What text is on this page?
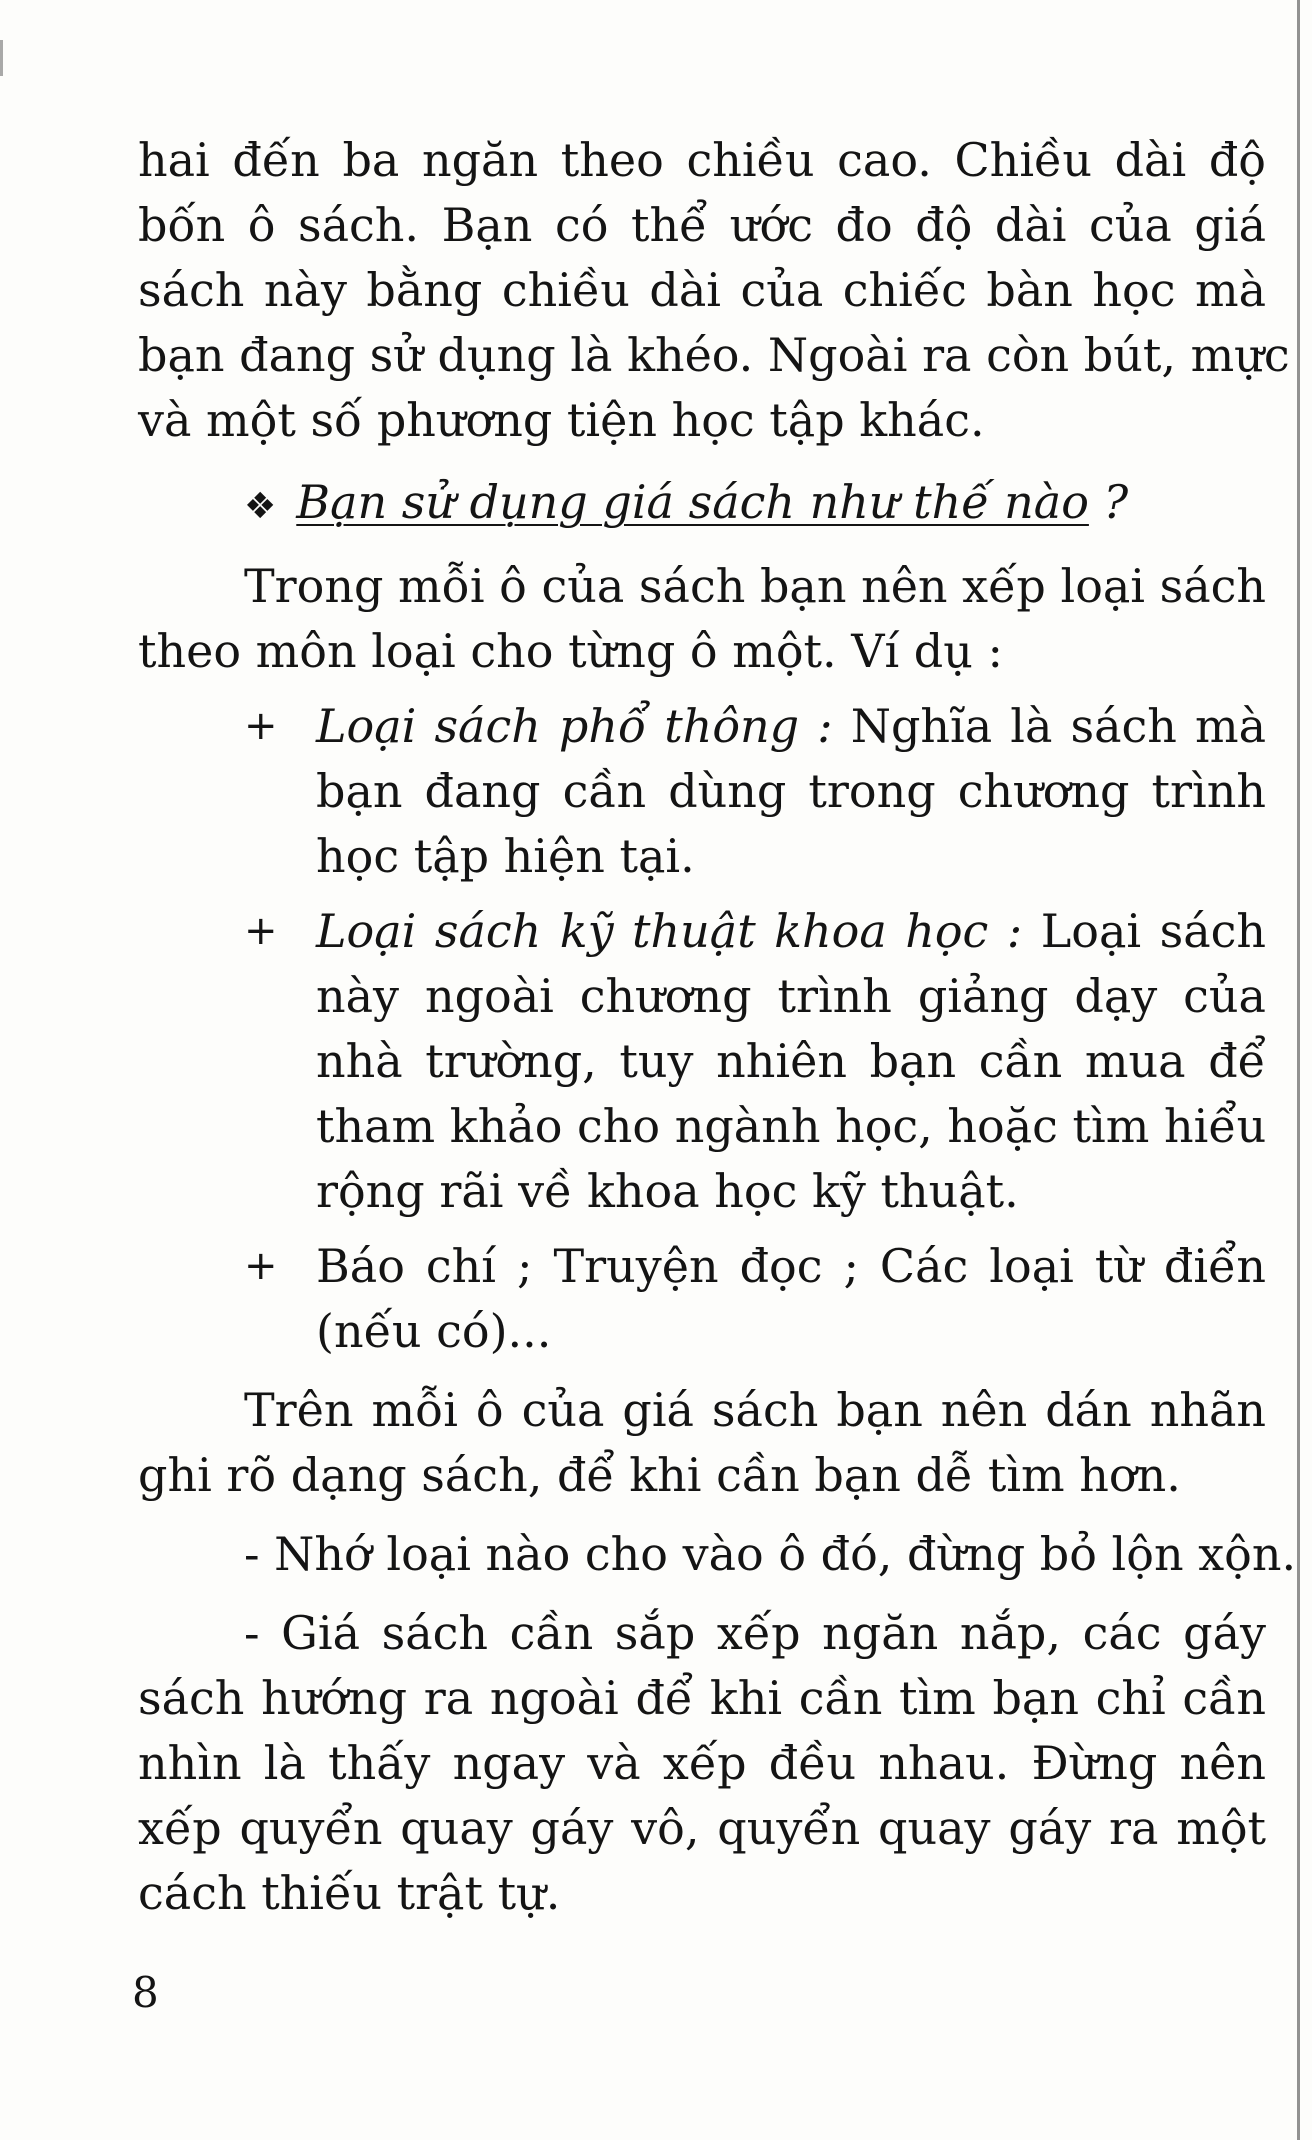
hai đến ba ngăn theo chiều cao. Chiều dài độ
bốn ô sách. Bạn có thể ước đo độ dài của giá
sách này bằng chiều dài của chiếc bàn học mà
bạn đang sử dụng là khéo. Ngoài ra còn bút, mực
và một số phương tiện học tập khác.
❖ Bạn sử dụng giá sách như thế nào ?
Trong mỗi ô của sách bạn nên xếp loại sách
theo môn loại cho từng ô một. Ví dụ :
+ Loại sách phổ thông : Nghĩa là sách mà
bạn đang cần dùng trong chương trình
học tập hiện tại.
+ Loại sách kỹ thuật khoa học : Loại sách
này ngoài chương trình giảng dạy của
nhà trường, tuy nhiên bạn cần mua để
tham khảo cho ngành học, hoặc tìm hiểu
rộng rãi về khoa học kỹ thuật.
+ Báo chí ; Truyện đọc ; Các loại từ điển
(nếu có)...
Trên mỗi ô của giá sách bạn nên dán nhãn
ghi rõ dạng sách, để khi cần bạn dễ tìm hơn.
- Nhớ loại nào cho vào ô đó, đừng bỏ lộn xộn.
- Giá sách cần sắp xếp ngăn nắp, các gáy
sách hướng ra ngoài để khi cần tìm bạn chỉ cần
nhìn là thấy ngay và xếp đều nhau. Đừng nên
xếp quyển quay gáy vô, quyển quay gáy ra một
cách thiếu trật tự.
8
